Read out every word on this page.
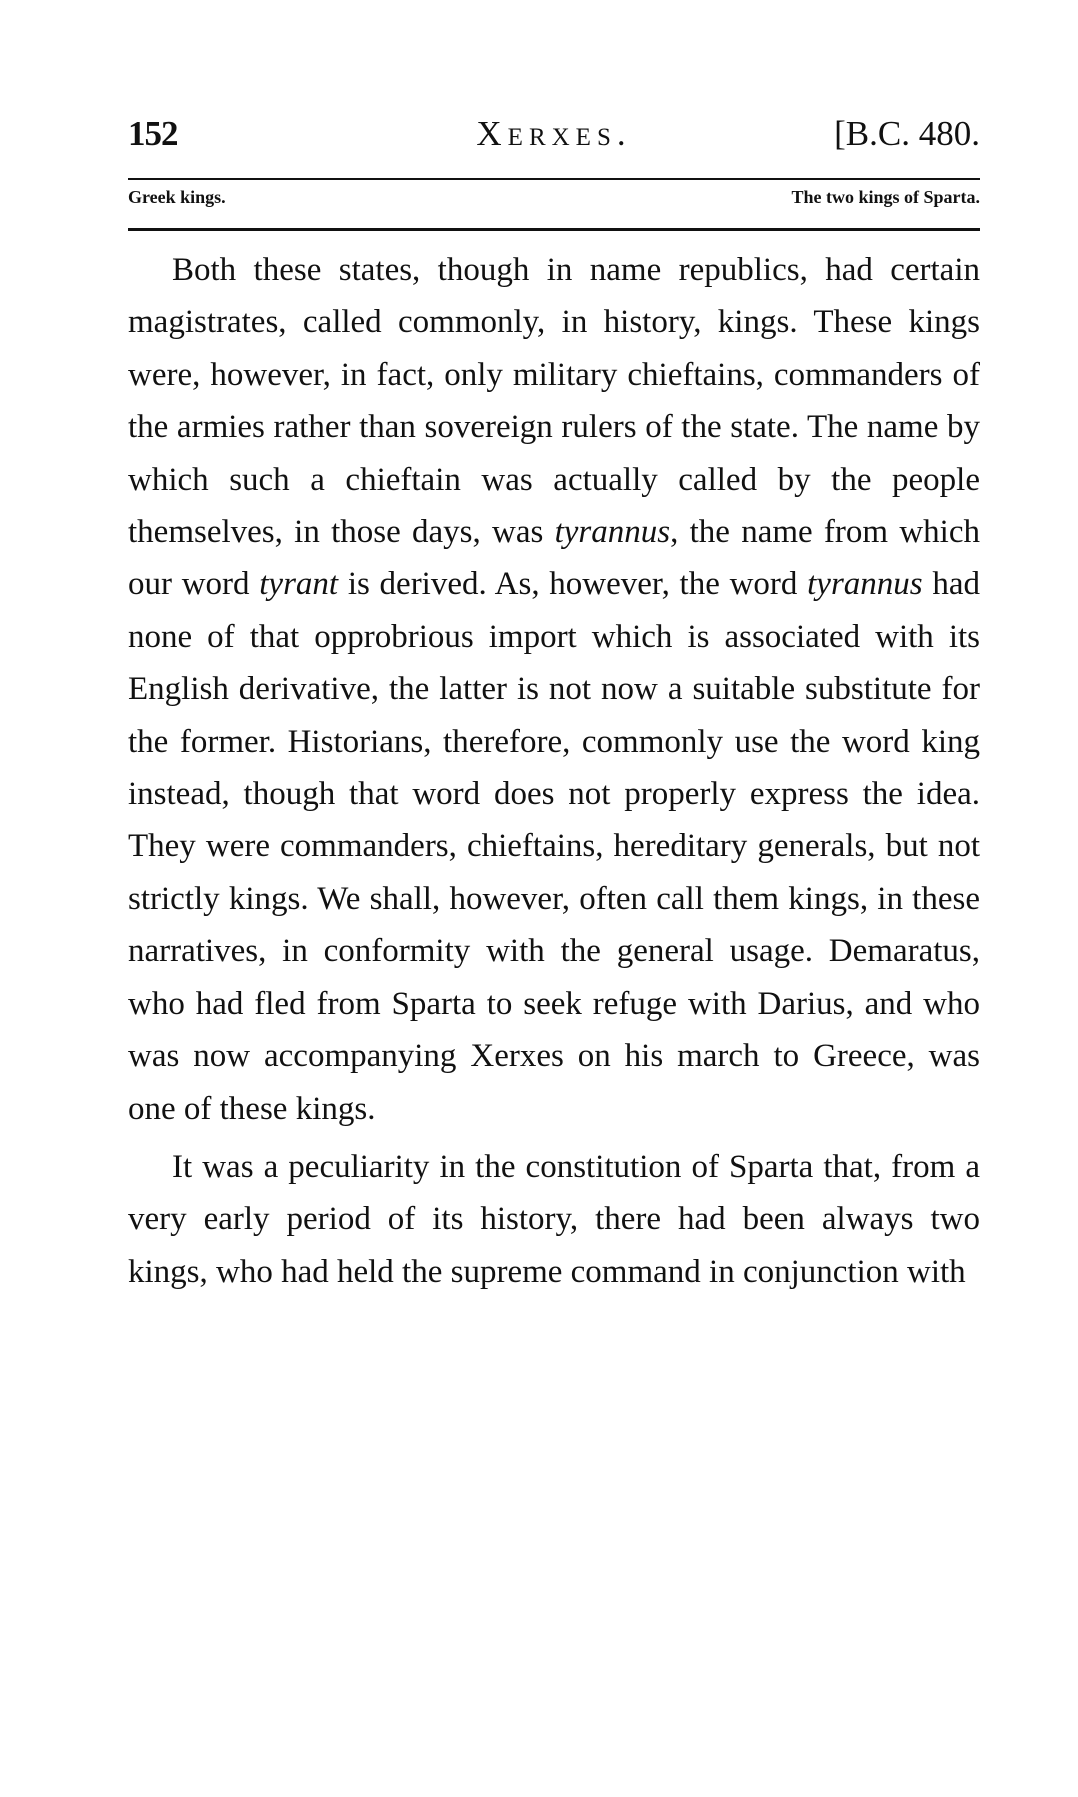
152	Xerxes.	[B.C. 480.
Greek kings.	The two kings of Sparta.

Both these states, though in name republics, had certain magistrates, called commonly, in history, kings. These kings were, however, in fact, only military chieftains, commanders of the armies rather than sovereign rulers of the state. The name by which such a chieftain was actually called by the people themselves, in those days, was tyrannus, the name from which our word tyrant is derived. As, however, the word tyrannus had none of that opprobrious import which is associated with its English derivative, the latter is not now a suitable substitute for the former. Historians, therefore, commonly use the word king instead, though that word does not properly express the idea. They were commanders, chieftains, hereditary generals, but not strictly kings. We shall, however, often call them kings, in these narratives, in conformity with the general usage. Demaratus, who had fled from Sparta to seek refuge with Darius, and who was now accompanying Xerxes on his march to Greece, was one of these kings.

It was a peculiarity in the constitution of Sparta that, from a very early period of its history, there had been always two kings, who had held the supreme command in conjunction with
